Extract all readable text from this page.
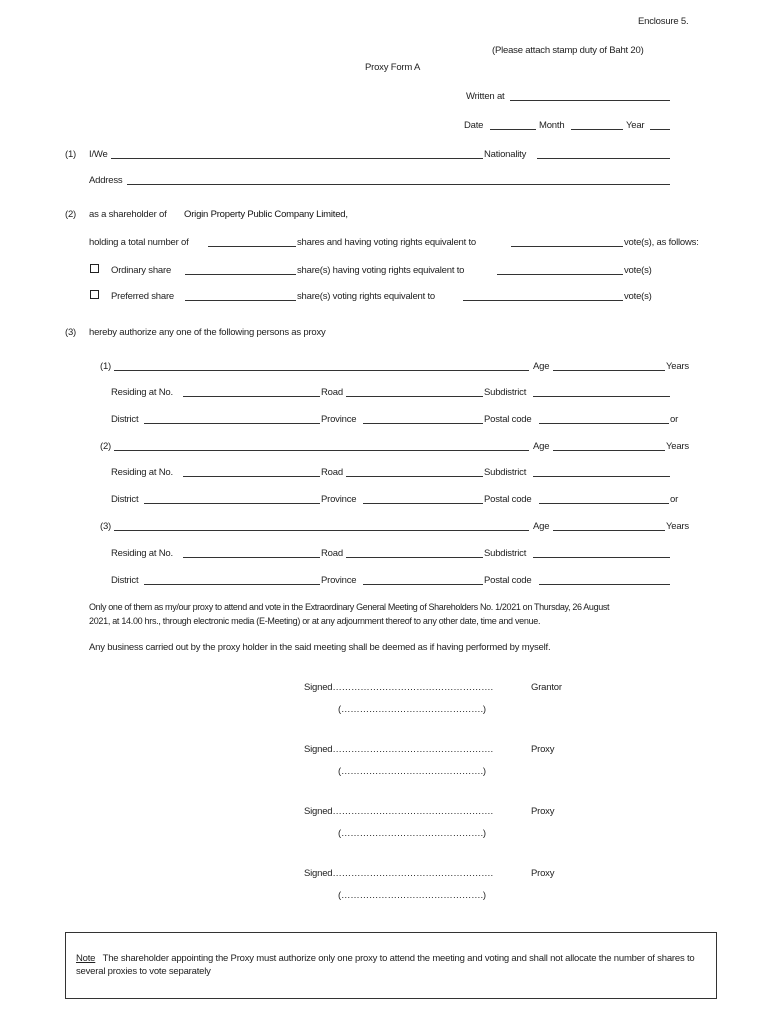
Enclosure 5.
(Please attach stamp duty of Baht 20)
Proxy Form A
Written at
Date	Month	Year
(1) I/We	Nationality
Address
(2) as a shareholder of Origin Property Public Company Limited,
holding a total number of	shares and having voting rights equivalent to	vote(s), as follows:
Ordinary share	share(s) having voting rights equivalent to	vote(s)
Preferred share	share(s) voting rights equivalent to	vote(s)
(3) hereby authorize any one of the following persons as proxy
(1)	Age	Years
Residing at No.	Road	Subdistrict
District	Province	Postal code	or
(2)	Age	Years
Residing at No.	Road	Subdistrict
District	Province	Postal code	or
(3)	Age	Years
Residing at No.	Road	Subdistrict
District	Province	Postal code
Only one of them as my/our proxy to attend and vote in the Extraordinary General Meeting of Shareholders No. 1/2021 on Thursday, 26 August
2021, at 14.00 hrs., through electronic media (E-Meeting) or at any adjournment thereof to any other date, time and venue.
Any business carried out by the proxy holder in the said meeting shall be deemed as if having performed by myself.
Signed…………………………………………….	Grantor
(……………………………………….)
Signed…………………………………………….	Proxy
(……………………………………….)
Signed…………………………………………….	Proxy
(……………………………………….)
Signed…………………………………………….	Proxy
(……………………………………….)
Note The shareholder appointing the Proxy must authorize only one proxy to attend the meeting and voting and shall not allocate the number of shares to several proxies to vote separately
